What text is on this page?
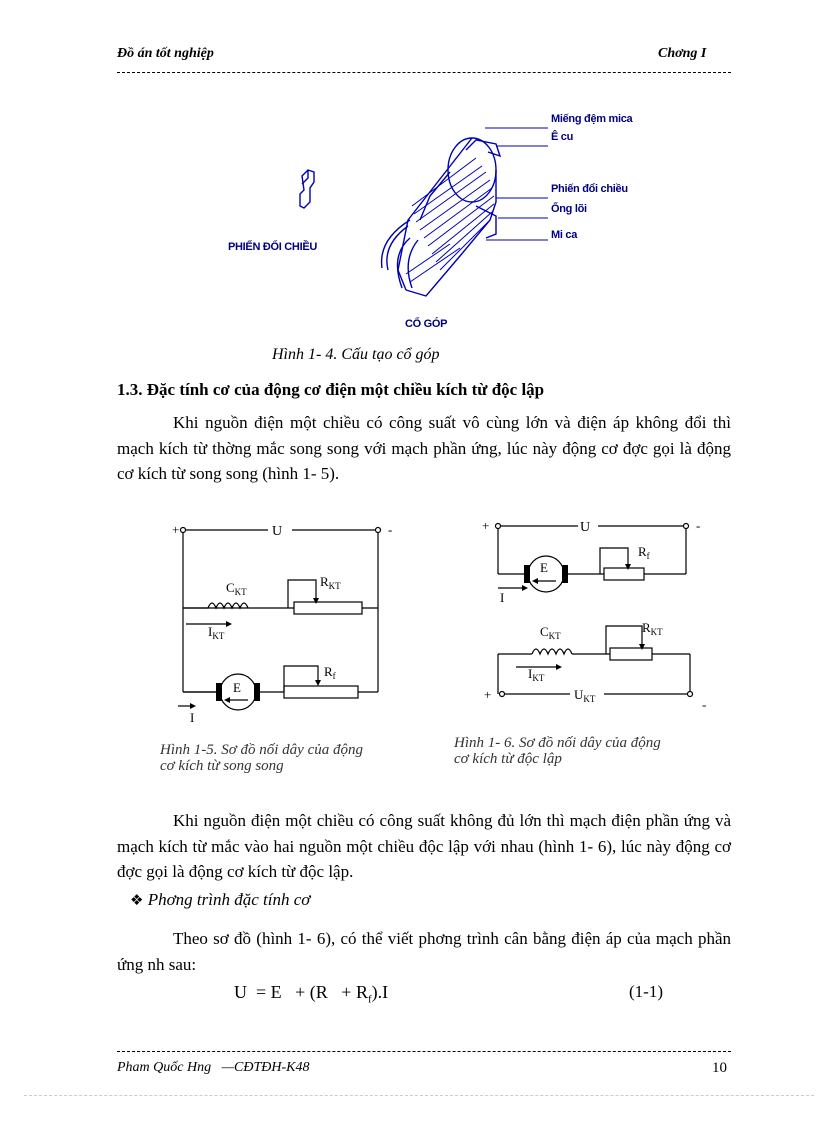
Đồ án tốt nghiệp	Chơng I
Miếng đệm mica
Ê cu
Phiến đổi chiều
Ống lõi
Mi ca
PHIẾN ĐỔI CHIỀU
CỔ GÓP
Hình 1- 4. Cấu tạo cổ góp
1.3. Đặc tính cơ của động cơ điện một chiều kích từ độc lập
Khi nguồn điện một chiều có công suất vô cùng lớn và điện áp không đổi thì mạch kích từ thờng mắc song song với mạch phần ứng, lúc này động cơ đợc gọi là động cơ kích từ song song (hình 1- 5).
+	-
U
$C_{KT}$
$R_{KT}$
$I_{KT}$
$R_f$
E
I
Hình 1-5. Sơ đồ nối dây của động
cơ kích từ song song
+	-
U
$R_f$
E
I
$C_{KT}$
$R_{KT}$
$I_{KT}$
$U_{KT}$
+
-
Hình 1- 6. Sơ đồ nối dây của động
cơ kích từ độc lập
Khi nguồn điện một chiều có công suất không đủ lớn thì mạch điện phần ứng và mạch kích từ mắc vào hai nguồn một chiều độc lập với nhau (hình 1- 6), lúc này động cơ đợc gọi là động cơ kích từ độc lập.
❖ Phơng trình đặc tính cơ
Theo sơ đồ (hình 1- 6), có thể viết phơng trình cân bằng điện áp của mạch phần ứng nh sau:
$U = E + (R + R_f).I$	(1-1)
Pham Quốc Hng   —CĐTĐH-K48	10
